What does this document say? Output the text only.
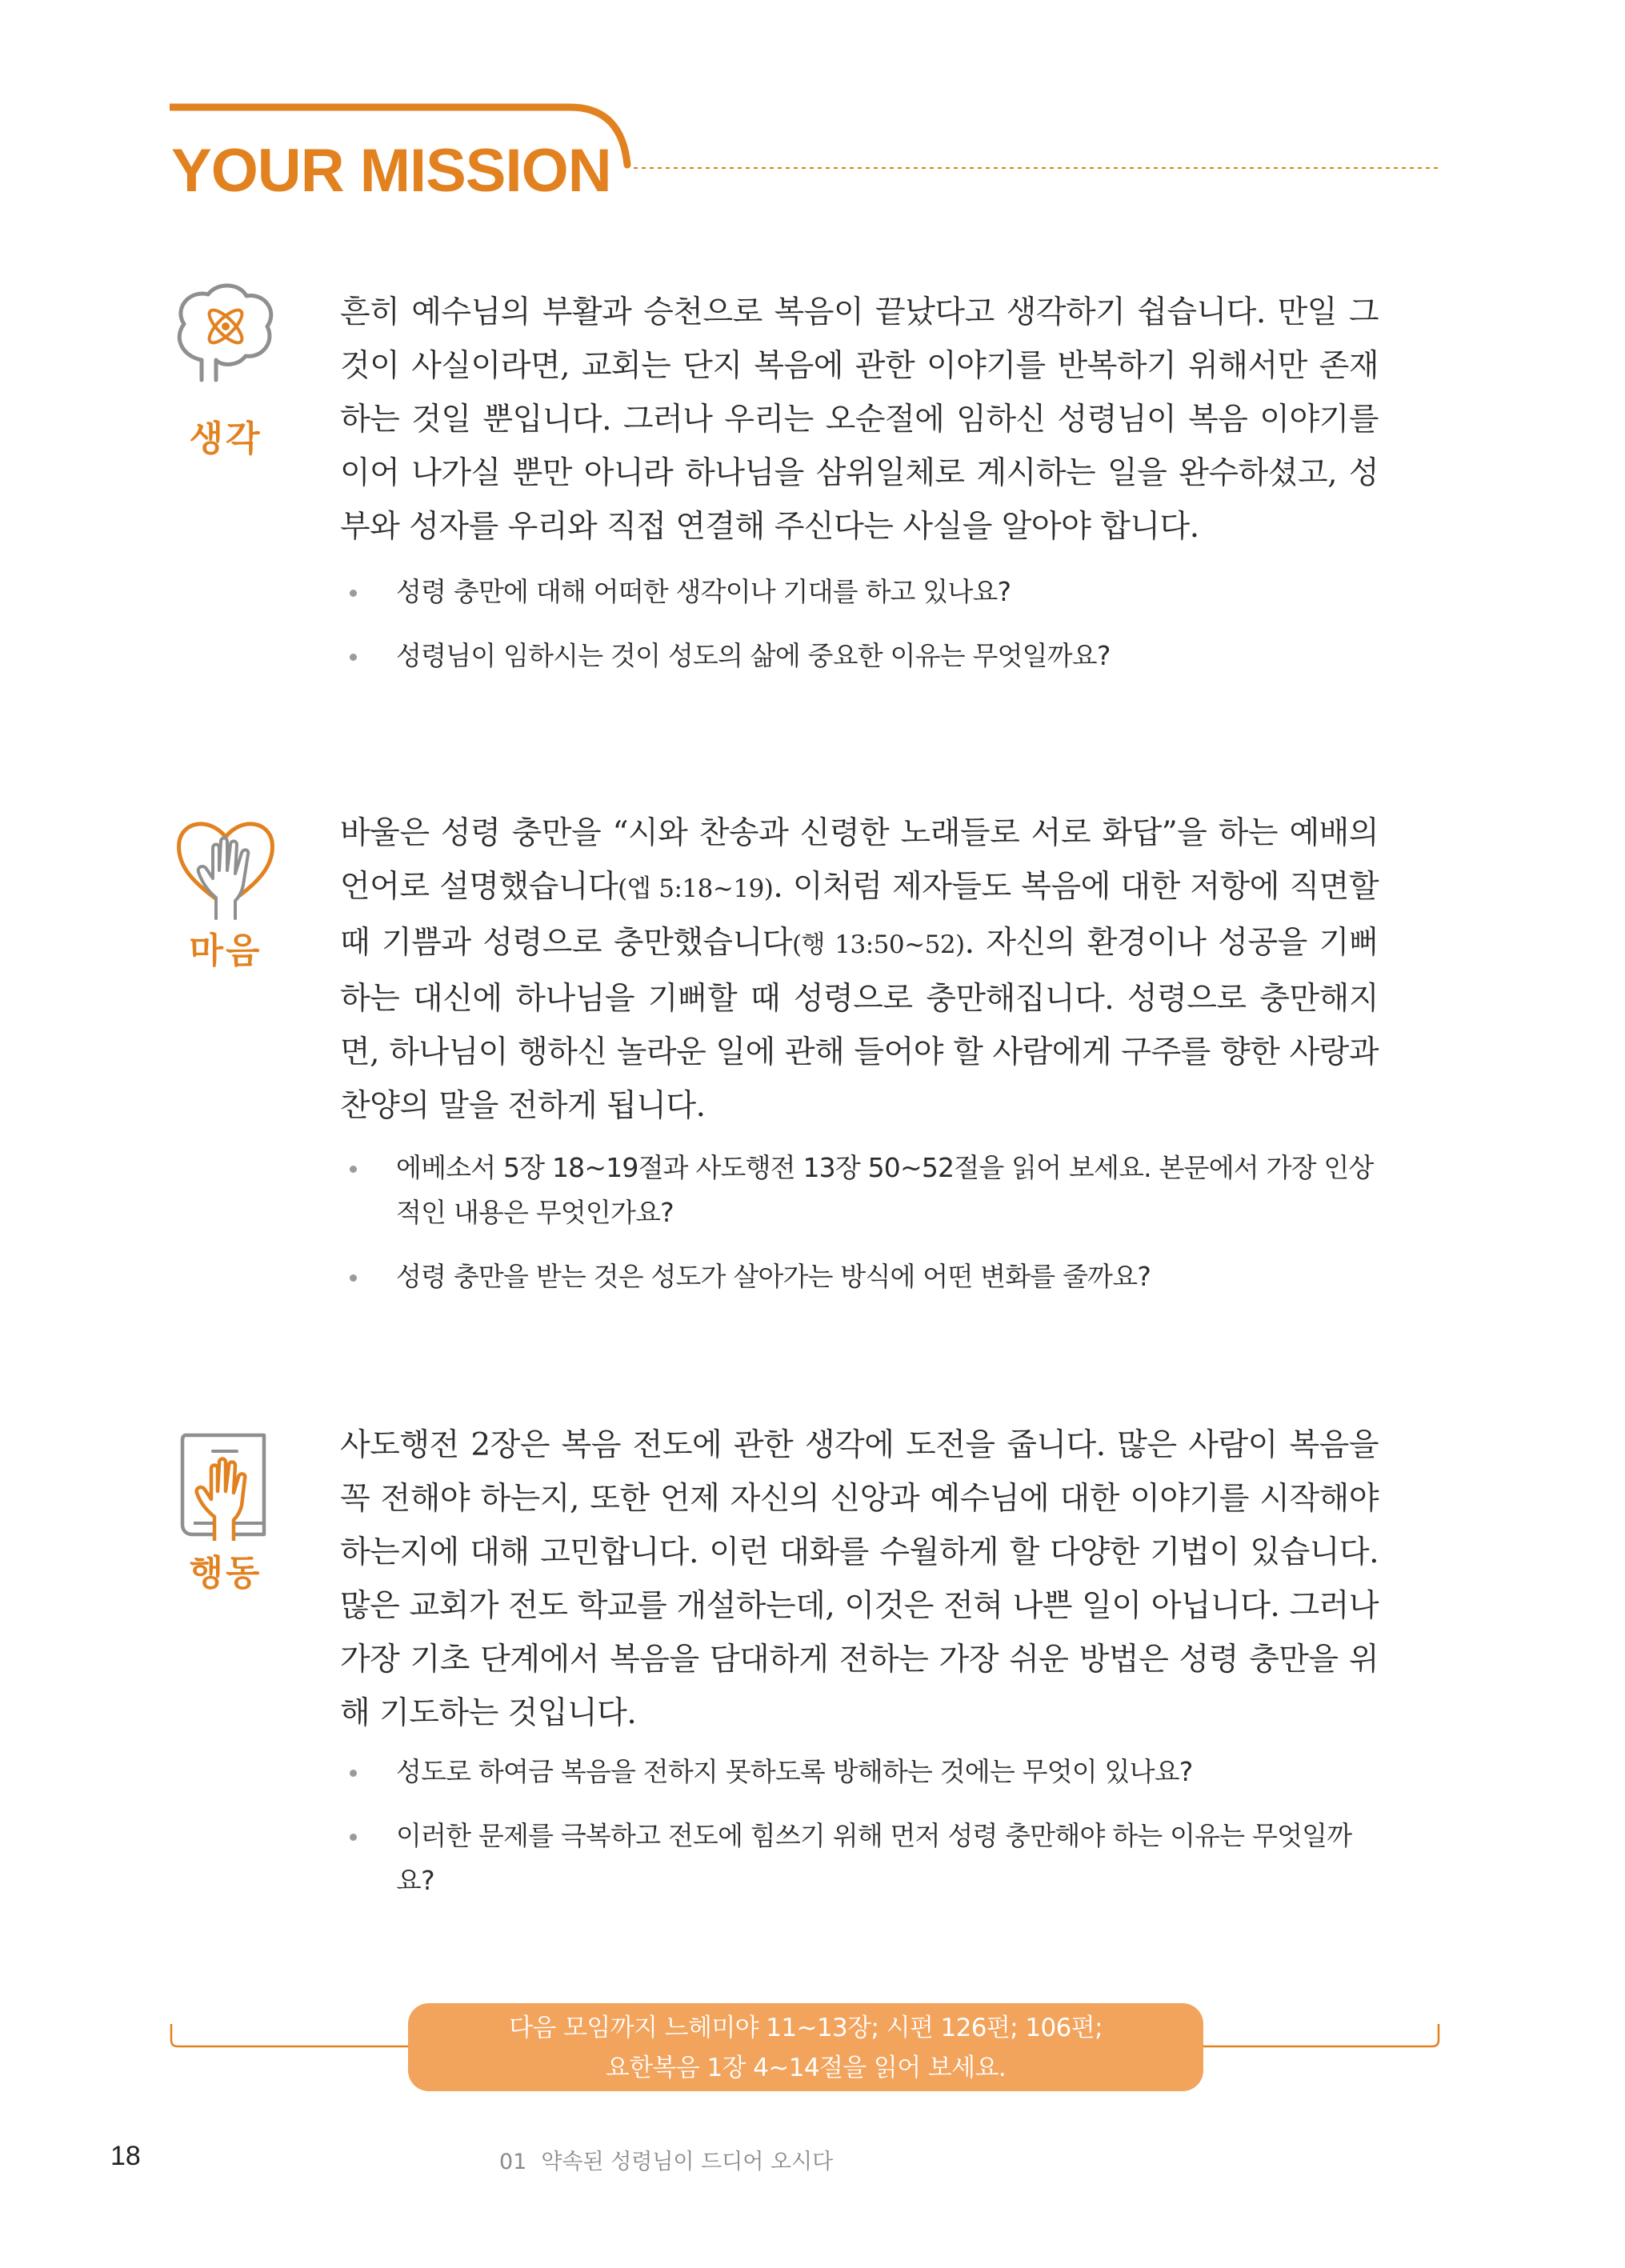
YOUR MISSION
생각

흔히 예수님의 부활과 승천으로 복음이 끝났다고 생각하기 쉽습니다. 만일 그것이 사실이라면, 교회는 단지 복음에 관한 이야기를 반복하기 위해서만 존재하는 것일 뿐입니다. 그러나 우리는 오순절에 임하신 성령님이 복음 이야기를 이어 나가실 뿐만 아니라 하나님을 삼위일체로 계시하는 일을 완수하셨고, 성부와 성자를 우리와 직접 연결해 주신다는 사실을 알아야 합니다.

성령 충만에 대해 어떠한 생각이나 기대를 하고 있나요?
성령님이 임하시는 것이 성도의 삶에 중요한 이유는 무엇일까요?
마음

바울은 성령 충만을 “시와 찬송과 신령한 노래들로 서로 화답”을 하는 예배의 언어로 설명했습니다(엡 5:18~19). 이처럼 제자들도 복음에 대한 저항에 직면할 때 기쁨과 성령으로 충만했습니다(행 13:50~52). 자신의 환경이나 성공을 기뻐하는 대신에 하나님을 기뻐할 때 성령으로 충만해집니다. 성령으로 충만해지면, 하나님이 행하신 놀라운 일에 관해 들어야 할 사람에게 구주를 향한 사랑과 찬양의 말을 전하게 됩니다.

에베소서 5장 18~19절과 사도행전 13장 50~52절을 읽어 보세요. 본문에서 가장 인상적인 내용은 무엇인가요?
성령 충만을 받는 것은 성도가 살아가는 방식에 어떤 변화를 줄까요?
행동

사도행전 2장은 복음 전도에 관한 생각에 도전을 줍니다. 많은 사람이 복음을 꼭 전해야 하는지, 또한 언제 자신의 신앙과 예수님에 대한 이야기를 시작해야 하는지에 대해 고민합니다. 이런 대화를 수월하게 할 다양한 기법이 있습니다. 많은 교회가 전도 학교를 개설하는데, 이것은 전혀 나쁜 일이 아닙니다. 그러나 가장 기초 단계에서 복음을 담대하게 전하는 가장 쉬운 방법은 성령 충만을 위해 기도하는 것입니다.

성도로 하여금 복음을 전하지 못하도록 방해하는 것에는 무엇이 있나요?
이러한 문제를 극복하고 전도에 힘쓰기 위해 먼저 성령 충만해야 하는 이유는 무엇일까요?
다음 모임까지 느헤미야 11~13장; 시편 126편; 106편;
요한복음 1장 4~14절을 읽어 보세요.
18	01 약속된 성령님이 드디어 오시다
